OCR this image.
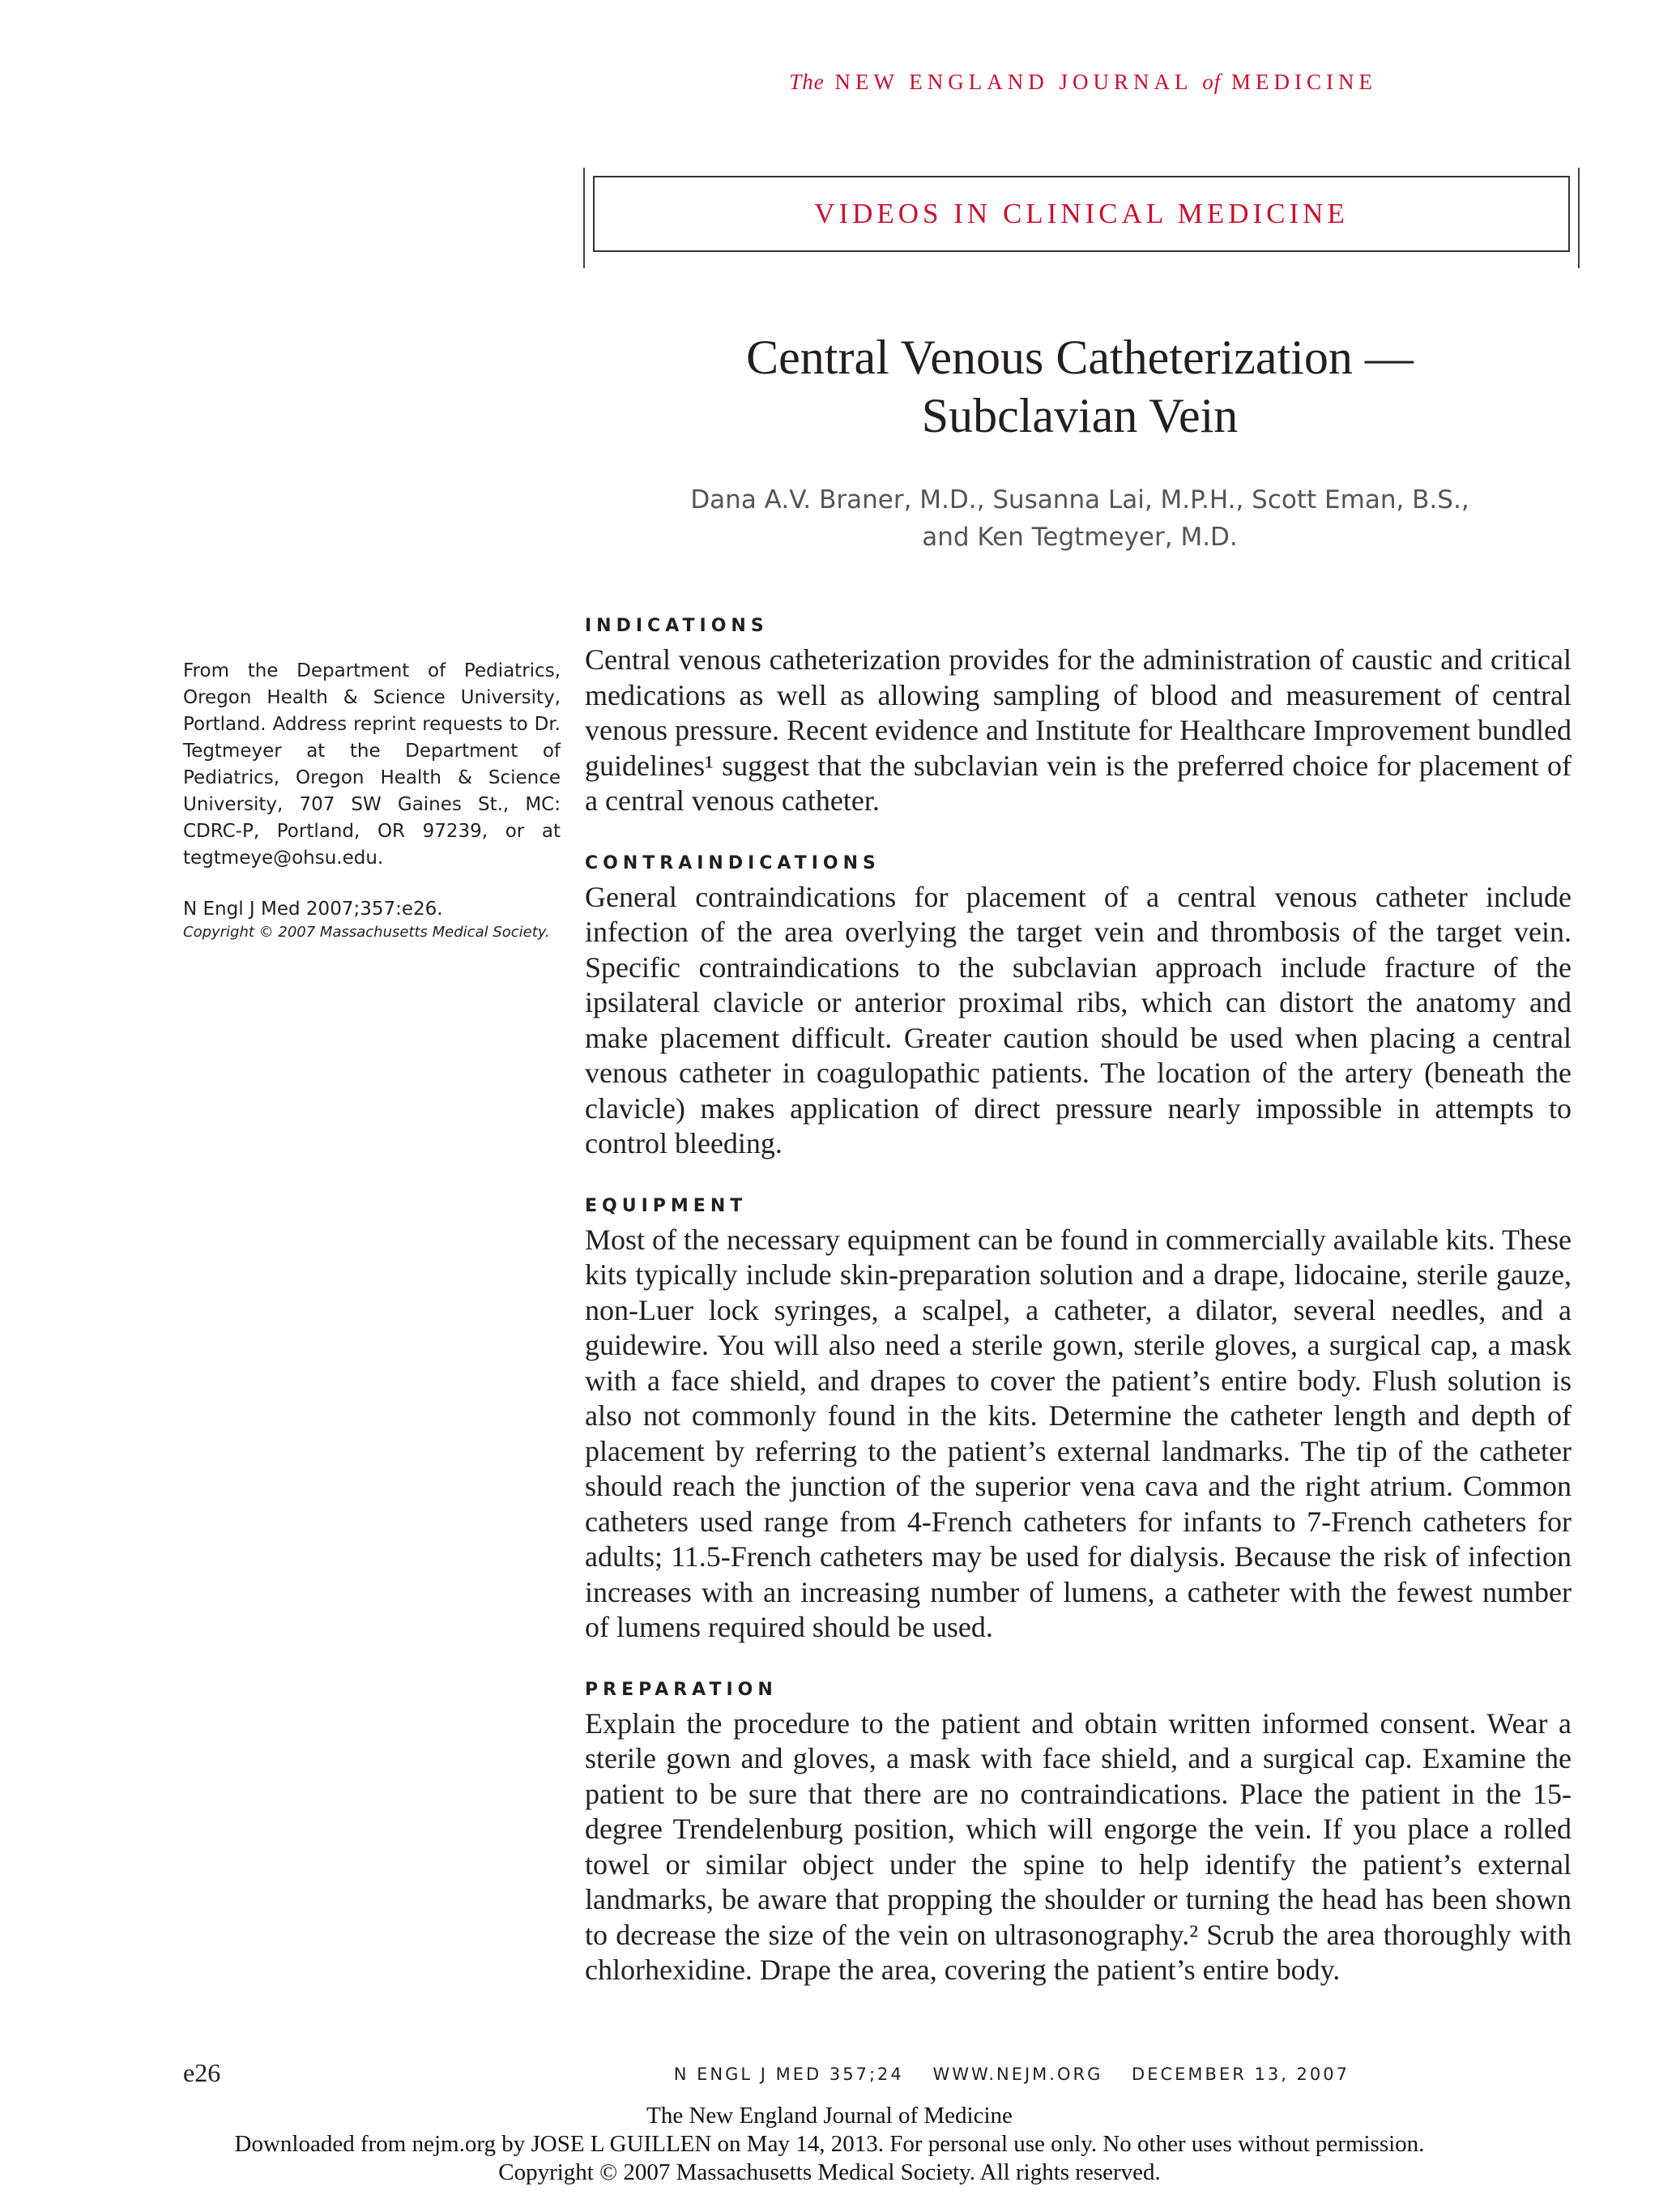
The NEW ENGLAND JOURNAL of MEDICINE
VIDEOS IN CLINICAL MEDICINE
Central Venous Catheterization —
Subclavian Vein
Dana A.V. Braner, M.D., Susanna Lai, M.P.H., Scott Eman, B.S.,
and Ken Tegtmeyer, M.D.

From the Department of Pediatrics, Oregon Health & Science University, Portland. Address reprint requests to Dr. Tegtmeyer at the Department of Pediatrics, Oregon Health & Science University, 707 SW Gaines St., MC: CDRC-P, Portland, OR 97239, or at tegtmeye@ohsu.edu.

N Engl J Med 2007;357:e26.

Copyright © 2007 Massachusetts Medical Society.

INDICATIONS

Central venous catheterization provides for the administration of caustic and critical medications as well as allowing sampling of blood and measurement of central venous pressure. Recent evidence and Institute for Healthcare Improvement bundled guidelines¹ suggest that the subclavian vein is the preferred choice for placement of a central venous catheter.

CONTRAINDICATIONS

General contraindications for placement of a central venous catheter include infection of the area overlying the target vein and thrombosis of the target vein. Specific contraindications to the subclavian approach include fracture of the ipsilateral clavicle or anterior proximal ribs, which can distort the anatomy and make placement difficult. Greater caution should be used when placing a central venous catheter in coagulopathic patients. The location of the artery (beneath the clavicle) makes application of direct pressure nearly impossible in attempts to control bleeding.

EQUIPMENT

Most of the necessary equipment can be found in commercially available kits. These kits typically include skin-preparation solution and a drape, lidocaine, sterile gauze, non-Luer lock syringes, a scalpel, a catheter, a dilator, several needles, and a guidewire. You will also need a sterile gown, sterile gloves, a surgical cap, a mask with a face shield, and drapes to cover the patient’s entire body. Flush solution is also not commonly found in the kits. Determine the catheter length and depth of placement by referring to the patient’s external landmarks. The tip of the catheter should reach the junction of the superior vena cava and the right atrium. Common catheters used range from 4-French catheters for infants to 7-French catheters for adults; 11.5-French catheters may be used for dialysis. Because the risk of infection increases with an increasing number of lumens, a catheter with the fewest number of lumens required should be used.

PREPARATION

Explain the procedure to the patient and obtain written informed consent. Wear a sterile gown and gloves, a mask with face shield, and a surgical cap. Examine the patient to be sure that there are no contraindications. Place the patient in the 15-degree Trendelenburg position, which will engorge the vein. If you place a rolled towel or similar object under the spine to help identify the patient’s external landmarks, be aware that propping the shoulder or turning the head has been shown to decrease the size of the vein on ultrasonography.² Scrub the area thoroughly with chlorhexidine. Drape the area, covering the patient’s entire body.

e26	N ENGL J MED 357;24 WWW.NEJM.ORG DECEMBER 13, 2007
The New England Journal of Medicine
Downloaded from nejm.org by JOSE L GUILLEN on May 14, 2013. For personal use only. No other uses without permission.
Copyright © 2007 Massachusetts Medical Society. All rights reserved.
